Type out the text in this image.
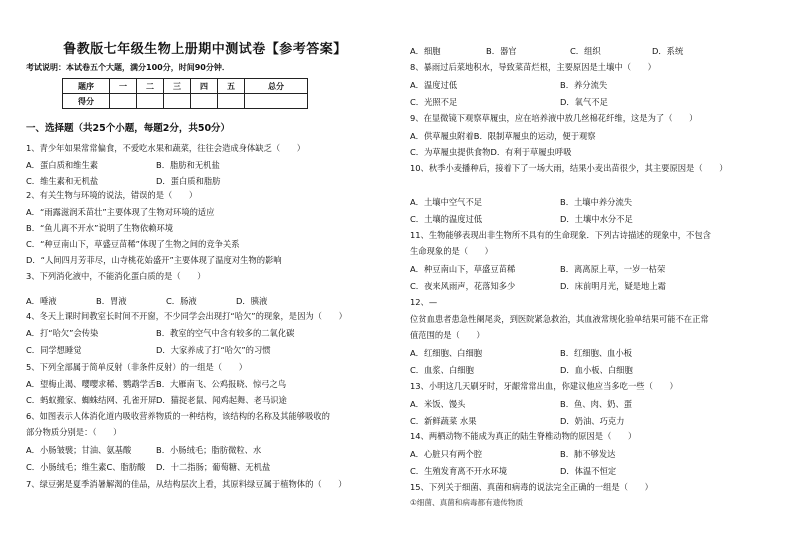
鲁教版七年级生物上册期中测试卷【参考答案】
考试说明：本试卷五个大题，满分100分，时间90分钟．
题序	一	二	三	四	五	总分
得分						
一、选择题（共25个小题，每题2分，共50分）
1、青少年如果常常偏食，不爱吃水果和蔬菜，往往会造成身体缺乏（　　）
2、有关生物与环境的说法，错误的是（　　）
A．“雨露滋润禾苗壮”主要体现了生物对环境的适应
B．“鱼儿离不开水”说明了生物依赖环境
C．“种豆南山下，草盛豆苗稀”体现了生物之间的竞争关系
D．“人间四月芳菲尽，山寺桃花始盛开”主要体现了温度对生物的影响
3、下列消化液中，不能消化蛋白质的是（　　）
4、冬天上课时间教室长时间不开窗，不少同学会出现打“哈欠”的现象，是因为（　　）
5、下列全部属于简单反射（非条件反射）的一组是（　　）
6、如图表示人体消化道内吸收营养物质的一种结构，该结构的名称及其能够吸收的
部分物质分别是：（　　）
7、绿豆粥是夏季消暑解渴的佳品，从结构层次上看，其原料绿豆属于植物体的（　　）
A．蛋白质和维生素	B．脂肪和无机盐
C．维生素和无机盐	D．蛋白质和脂肪
A．唾液	B．胃液	C．肠液	D．胰液
A．打“哈欠”会传染	B．教室的空气中含有较多的二氧化碳
C．同学想睡觉	D．大家养成了打“哈欠”的习惯
A．望梅止渴、嘤嘤求稀、鹦鹉学舌 B．大雁南飞、公鸡报晓、惊弓之鸟
C．蚂蚁搬家、蜘蛛结网、孔雀开屏 D．猫捉老鼠、闻鸡起舞、老马识途
A．小肠皱襞；甘油、氨基酸	B．小肠绒毛；脂肪微粒、水
C．小肠绒毛；维生素C、脂肪酸 D．十二指肠；葡萄糖、无机盐
8、暴雨过后菜地积水，导致菜苗烂根，主要原因是土壤中（　　）
9、在显微镜下观察草履虫，应在培养液中放几丝棉花纤维，这是为了（　　）
10、秋季小麦播种后，接着下了一场大雨，结果小麦出苗很少，其主要原因是（　　）
11、生物能够表现出非生物所不具有的生命现象．下列古诗描述的现象中，不包含
生命现象的是（　　）
12、—
位贫血患者患急性阑尾炎，到医院紧急救治，其血液常规化验单结果可能不在正常
值范围的是（　　）
13、小明这几天刷牙时，牙龈常常出血，你建议他应当多吃一些（　　）
14、两栖动物不能成为真正的陆生脊椎动物的原因是（　　）
15、下列关于细菌、真菌和病毒的说法完全正确的一组是（　　）
A．细胞	B．器官	C．组织	D．系统
A．温度过低	B．养分流失
C．光照不足	D．氧气不足
A．供草履虫附着B．限制草履虫的运动，便于观察
C．为草履虫提供食物D．有利于草履虫呼吸
A．土壤中空气不足	B．土壤中养分流失
C．土壤的温度过低	D．土壤中水分不足
A．种豆南山下，草盛豆苗稀	B．离离原上草，一岁一枯荣
C．夜来风雨声，花落知多少	D．床前明月光，疑是地上霜
A．红细胞、白细胞	B．红细胞、血小板
C．血浆、白细胞	D．血小板、白细胞
A．米饭、馒头	B．鱼、肉、奶、蛋
C．新鲜蔬菜 水果	D．奶油、巧克力
A．心脏只有两个腔	B．肺不够发达
C．生殖发育离不开水环境	D．体温不恒定
①细菌、真菌和病毒都有遗传物质
